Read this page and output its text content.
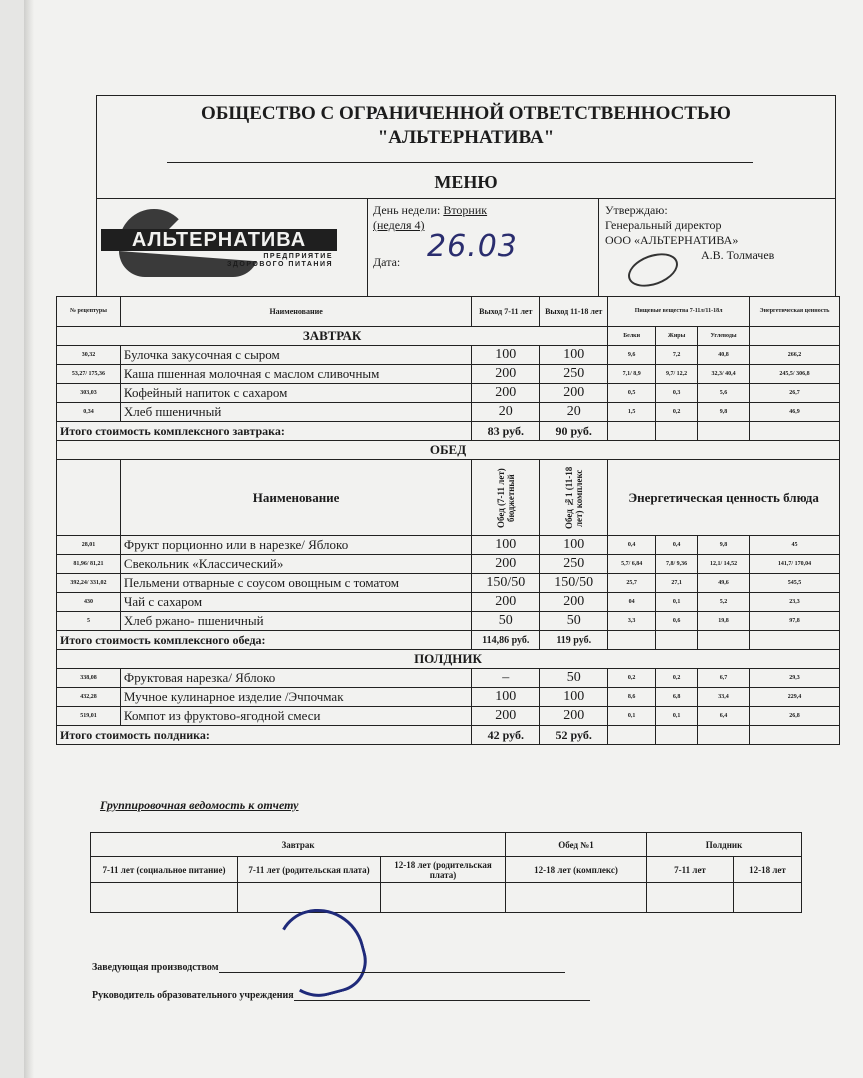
ОБЩЕСТВО С ОГРАНИЧЕННОЙ ОТВЕТСТВЕННОСТЬЮ
"АЛЬТЕРНАТИВА"
МЕНЮ
АЛЬТЕРНАТИВА
ПРЕДПРИЯТИЕ ЗДОРОВОГО ПИТАНИЯ
День недели: Вторник
(неделя 4)
Дата: 26.03
Утверждаю:
Генеральный директор
ООО «АЛЬТЕРНАТИВА»
А.В. Толмачев
№ рецептуры	Наименование	Выход 7-11 лет	Выход 11-18 лет	Пищевые вещества 7-11л/11-18л			Энергетическая ценность
ЗАВТРАК				Белки	Жиры	Углеводы	
30,32	Булочка закусочная с сыром	100	100	9,6	7,2	40,8	266,2
53,27/ 175,36	Каша пшенная молочная с маслом сливочным	200	250	7,1/ 8,9	9,7/ 12,2	32,3/ 40,4	245,5/ 306,8
303,03	Кофейный напиток с сахаром	200	200	0,5	0,3	5,6	26,7
0,34	Хлеб пшеничный	20	20	1,5	0,2	9,8	46,9
Итого стоимость комплексного завтрака:		83 руб.	90 руб.				
ОБЕД							
	Наименование	Обед (7-11 лет) бюджетный	Обед №1 (11-18 лет) комплекс	Энергетическая ценность блюда			
28,01	Фрукт порционно или в нарезке/ Яблоко	100	100	0,4	0,4	9,8	45
81,96/ 81,21	Свекольник «Классический»	200	250	5,7/ 6,84	7,8/ 9,36	12,1/ 14,52	141,7/ 170,04
392,24/ 331,02	Пельмени отварные с соусом овощным с томатом	150/50	150/50	25,7	27,1	49,6	545,5
430	Чай с сахаром	200	200	04	0,1	5,2	23,3
5	Хлеб ржано- пшеничный	50	50	3,3	0,6	19,8	97,8
Итого стоимость комплексного обеда:		114,86 руб.	119 руб.				
ПОЛДНИК							
338,08	Фруктовая нарезка/ Яблоко	–	50	0,2	0,2	6,7	29,3
432,28	Мучное кулинарное изделие /Эчпочмак	100	100	8,6	6,8	33,4	229,4
519,01	Компот из фруктово-ягодной смеси	200	200	0,1	0,1	6,4	26,8
Итого стоимость полдника:		42 руб.	52 руб.				
Группировочная ведомость к отчету
Завтрак			Обед №1	Полдник	
7-11 лет (социальное питание)	7-11 лет (родительская плата)	12-18 лет (родительская плата)	12-18 лет (комплекс)	7-11 лет	12-18 лет

Заведующая производством
Руководитель образовательного учреждения
